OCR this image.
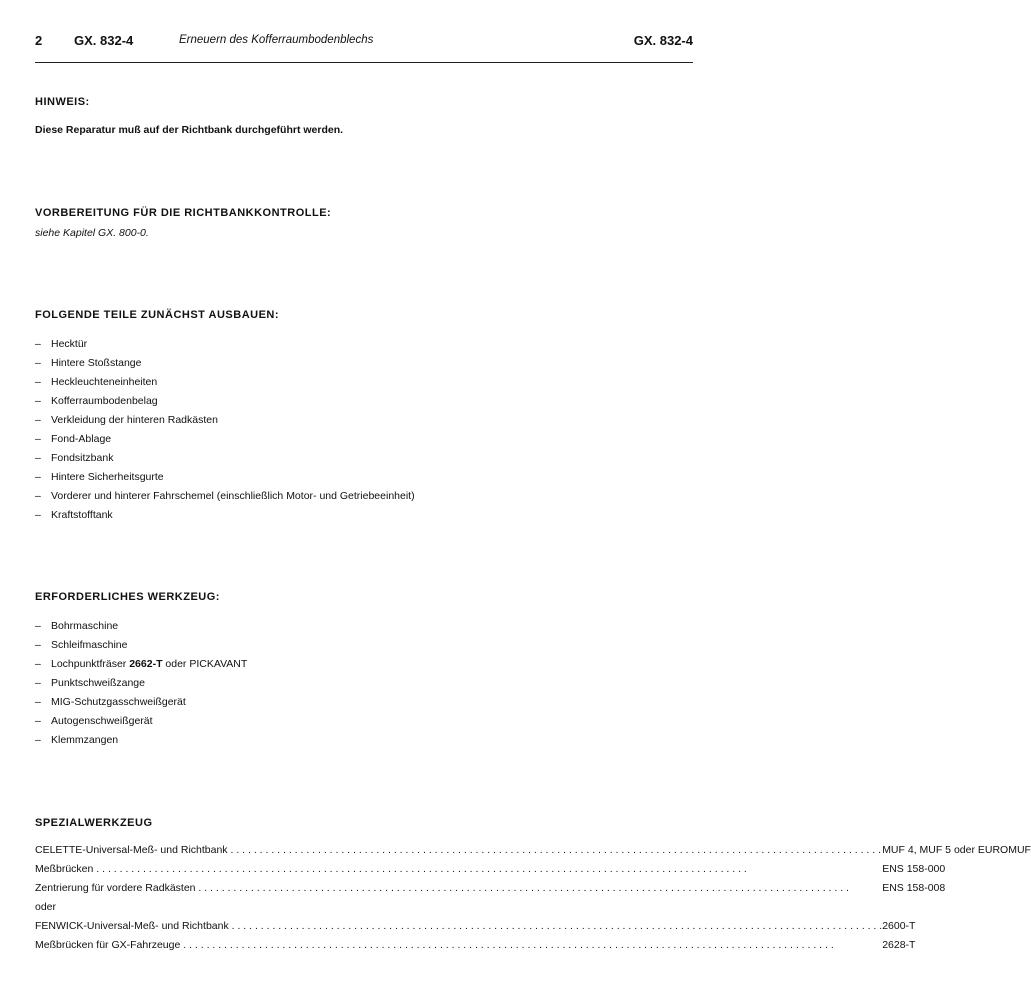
2 GX. 832-4	Erneuern des Kofferraumbodenblechs	GX. 832-4
HINWEIS:
Diese Reparatur muß auf der Richtbank durchgeführt werden.
VORBEREITUNG FÜR DIE RICHTBANKKONTROLLE:
siehe Kapitel GX. 800-0.
FOLGENDE TEILE ZUNÄCHST AUSBAUEN:
– Hecktür
– Hintere Stoßstange
– Heckleuchteneinheiten
– Kofferraumbodenbelag
– Verkleidung der hinteren Radkästen
– Fond-Ablage
– Fondsitzbank
– Hintere Sicherheitsgurte
– Vorderer und hinterer Fahrschemel (einschließlich Motor- und Getriebeeinheit)
– Kraftstofftank
ERFORDERLICHES WERKZEUG:
– Bohrmaschine
– Schleifmaschine
– Lochpunktfräser 2662-T oder PICKAVANT
– Punktschweißzange
– MIG-Schutzgasschweißgerät
– Autogenschweißgerät
– Klemmzangen
SPEZIALWERKZEUG
CELETTE-Universal-Meß- und Richtbank . . .	MUF 4, MUF 5 oder EUROMUF
Meßbrücken . . .	ENS 158-000
Zentrierung für vordere Radkästen . . .	ENS 158-008
oder	
FENWICK-Universal-Meß- und Richtbank . . .	2600-T
Meßbrücken für GX-Fahrzeuge . . .	2628-T
